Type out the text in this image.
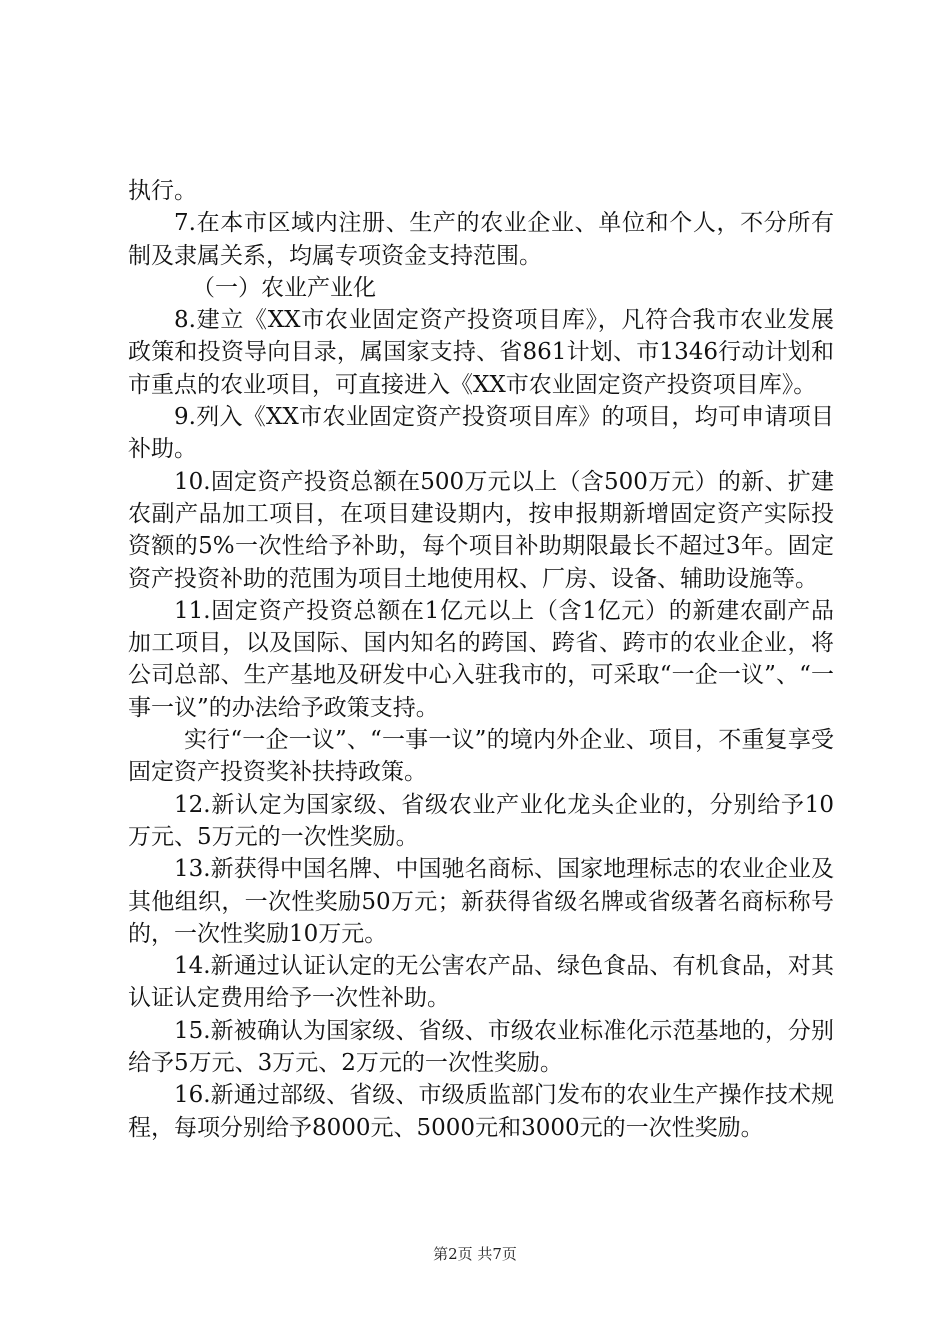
执行。

7.在本市区域内注册、生产的农业企业、单位和个人，不分所有制及隶属关系，均属专项资金支持范围。

（一）农业产业化

8.建立《XX市农业固定资产投资项目库》，凡符合我市农业发展政策和投资导向目录，属国家支持、省861计划、市1346行动计划和市重点的农业项目，可直接进入《XX市农业固定资产投资项目库》。

9.列入《XX市农业固定资产投资项目库》的项目，均可申请项目补助。

10.固定资产投资总额在500万元以上（含500万元）的新、扩建农副产品加工项目，在项目建设期内，按申报期新增固定资产实际投资额的5%一次性给予补助，每个项目补助期限最长不超过3年。固定资产投资补助的范围为项目土地使用权、厂房、设备、辅助设施等。

11.固定资产投资总额在1亿元以上（含1亿元）的新建农副产品加工项目，以及国际、国内知名的跨国、跨省、跨市的农业企业，将公司总部、生产基地及研发中心入驻我市的，可采取“一企一议”、“一事一议”的办法给予政策支持。

实行“一企一议”、“一事一议”的境内外企业、项目，不重复享受固定资产投资奖补扶持政策。

12.新认定为国家级、省级农业产业化龙头企业的，分别给予10万元、5万元的一次性奖励。

13.新获得中国名牌、中国驰名商标、国家地理标志的农业企业及其他组织，一次性奖励50万元；新获得省级名牌或省级著名商标称号的，一次性奖励10万元。

14.新通过认证认定的无公害农产品、绿色食品、有机食品，对其认证认定费用给予一次性补助。

15.新被确认为国家级、省级、市级农业标准化示范基地的，分别给予5万元、3万元、2万元的一次性奖励。

16.新通过部级、省级、市级质监部门发布的农业生产操作技术规程，每项分别给予8000元、5000元和3000元的一次性奖励。

第2页 共7页
